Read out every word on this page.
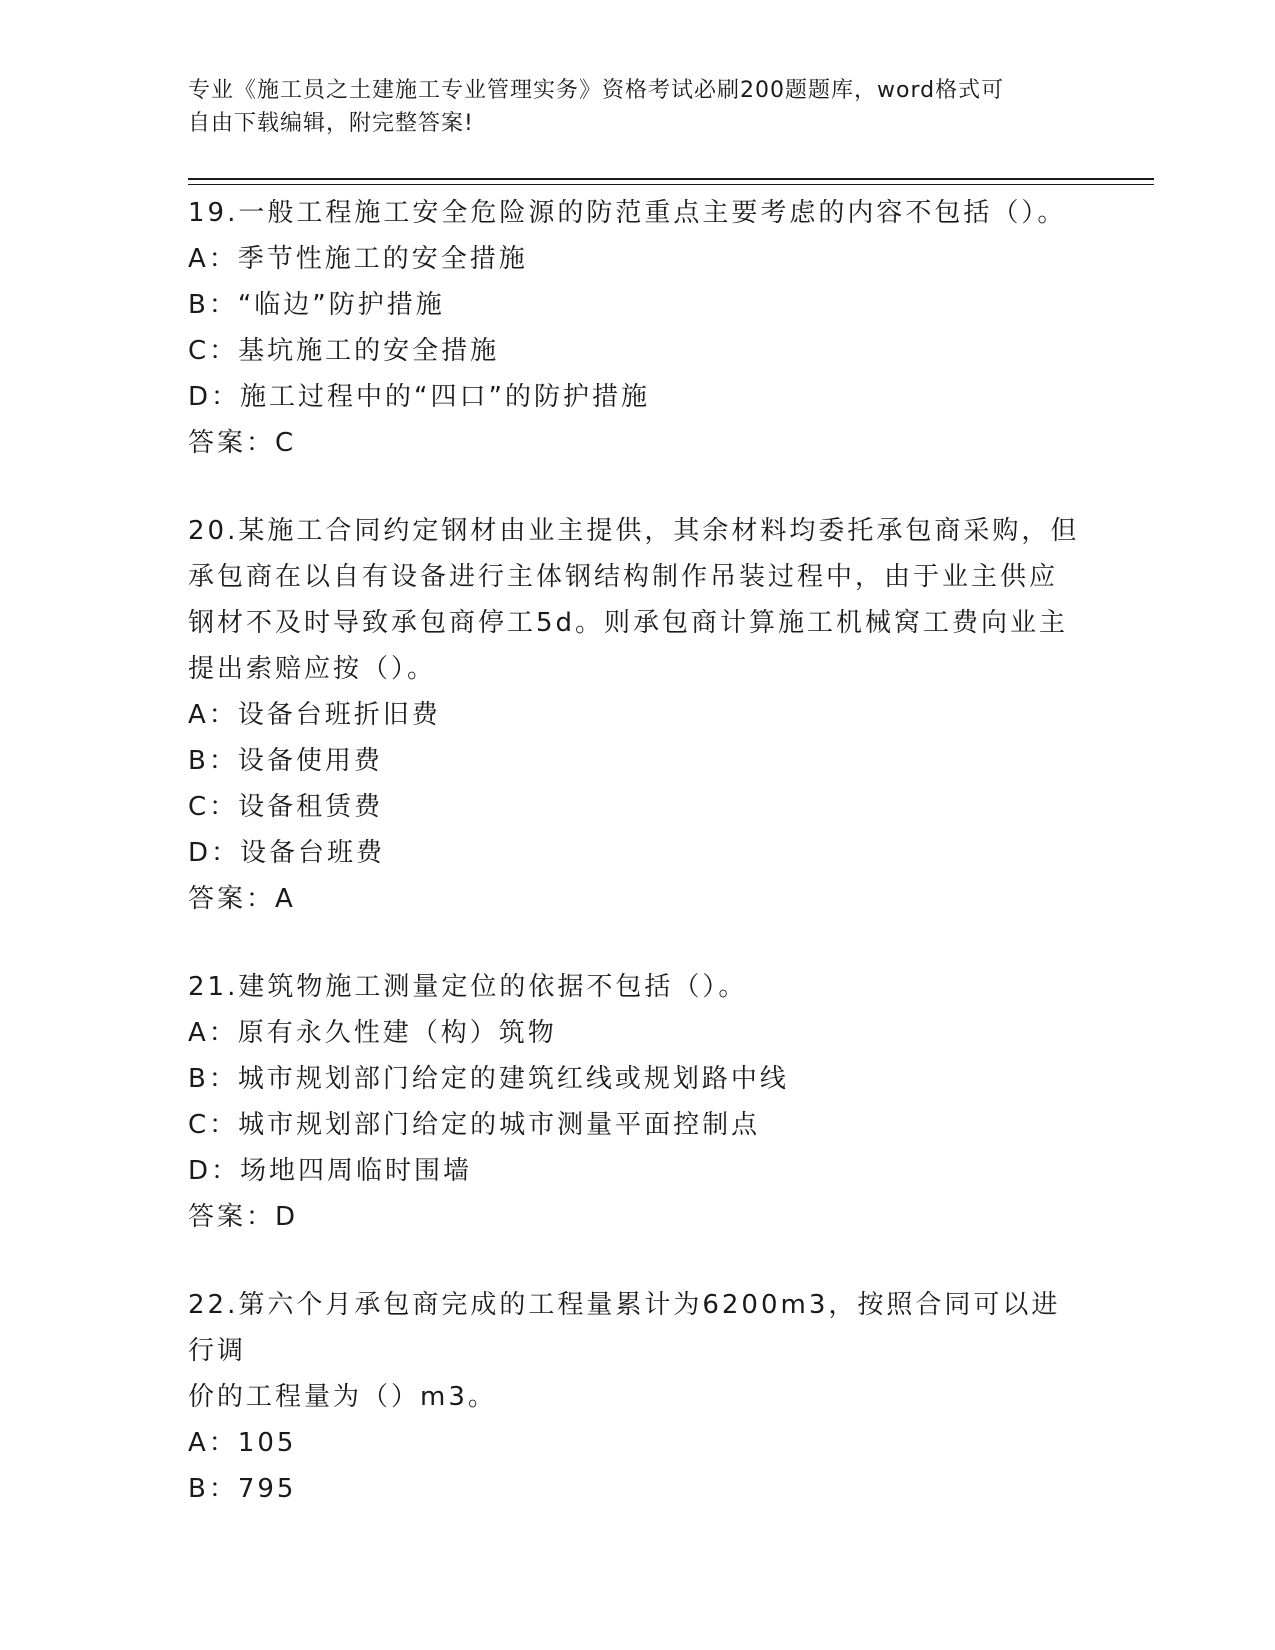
专业《施工员之土建施工专业管理实务》资格考试必刷200题题库，word格式可
自由下载编辑，附完整答案!

19.一般工程施工安全危险源的防范重点主要考虑的内容不包括（）。

A：季节性施工的安全措施

B：“临边”防护措施

C：基坑施工的安全措施

D：施工过程中的“四口”的防护措施

答案：C

20.某施工合同约定钢材由业主提供，其余材料均委托承包商采购，但

承包商在以自有设备进行主体钢结构制作吊装过程中，由于业主供应

钢材不及时导致承包商停工5d。则承包商计算施工机械窝工费向业主

提出索赔应按（）。

A：设备台班折旧费

B：设备使用费

C：设备租赁费

D：设备台班费

答案：A

21.建筑物施工测量定位的依据不包括（）。

A：原有永久性建（构）筑物

B：城市规划部门给定的建筑红线或规划路中线

C：城市规划部门给定的城市测量平面控制点

D：场地四周临时围墙

答案：D

22.第六个月承包商完成的工程量累计为6200m3，按照合同可以进行调

价的工程量为（）m3。

A：105

B：795
